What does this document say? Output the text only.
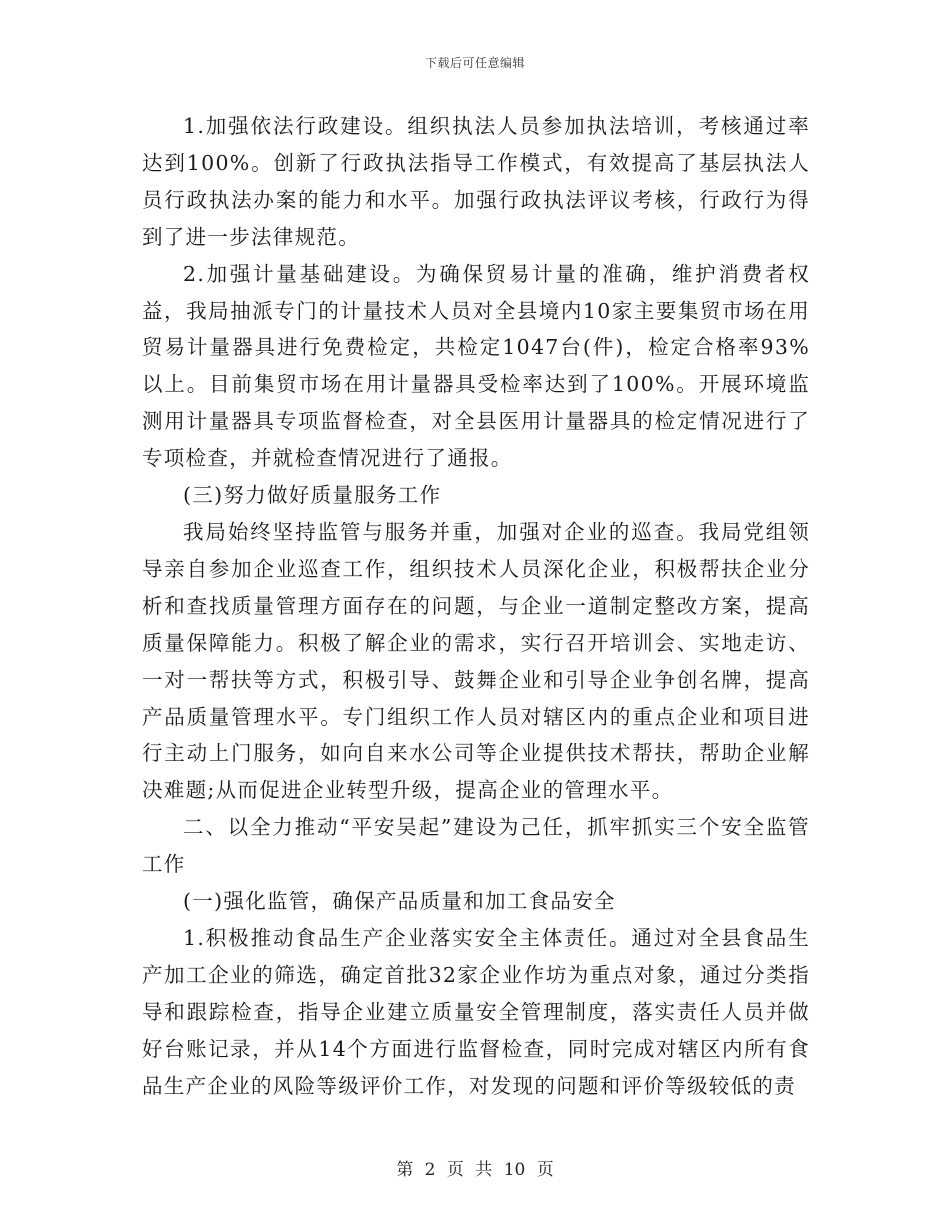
下载后可任意编辑

1.加强依法行政建设。组织执法人员参加执法培训，考核通过率达到100%。创新了行政执法指导工作模式，有效提高了基层执法人员行政执法办案的能力和水平。加强行政执法评议考核，行政行为得到了进一步法律规范。

2.加强计量基础建设。为确保贸易计量的准确，维护消费者权益，我局抽派专门的计量技术人员对全县境内10家主要集贸市场在用贸易计量器具进行免费检定，共检定1047台(件)，检定合格率93%以上。目前集贸市场在用计量器具受检率达到了100%。开展环境监测用计量器具专项监督检查，对全县医用计量器具的检定情况进行了专项检查，并就检查情况进行了通报。

(三)努力做好质量服务工作

我局始终坚持监管与服务并重，加强对企业的巡查。我局党组领导亲自参加企业巡查工作，组织技术人员深化企业，积极帮扶企业分析和查找质量管理方面存在的问题，与企业一道制定整改方案，提高质量保障能力。积极了解企业的需求，实行召开培训会、实地走访、一对一帮扶等方式，积极引导、鼓舞企业和引导企业争创名牌，提高产品质量管理水平。专门组织工作人员对辖区内的重点企业和项目进行主动上门服务，如向自来水公司等企业提供技术帮扶，帮助企业解决难题;从而促进企业转型升级，提高企业的管理水平。

二、以全力推动“平安吴起”建设为己任，抓牢抓实三个安全监管工作

(一)强化监管，确保产品质量和加工食品安全

1.积极推动食品生产企业落实安全主体责任。通过对全县食品生产加工企业的筛选，确定首批32家企业作坊为重点对象，通过分类指导和跟踪检查，指导企业建立质量安全管理制度，落实责任人员并做好台账记录，并从14个方面进行监督检查，同时完成对辖区内所有食品生产企业的风险等级评价工作，对发现的问题和评价等级较低的责

第 2 页 共 10 页
